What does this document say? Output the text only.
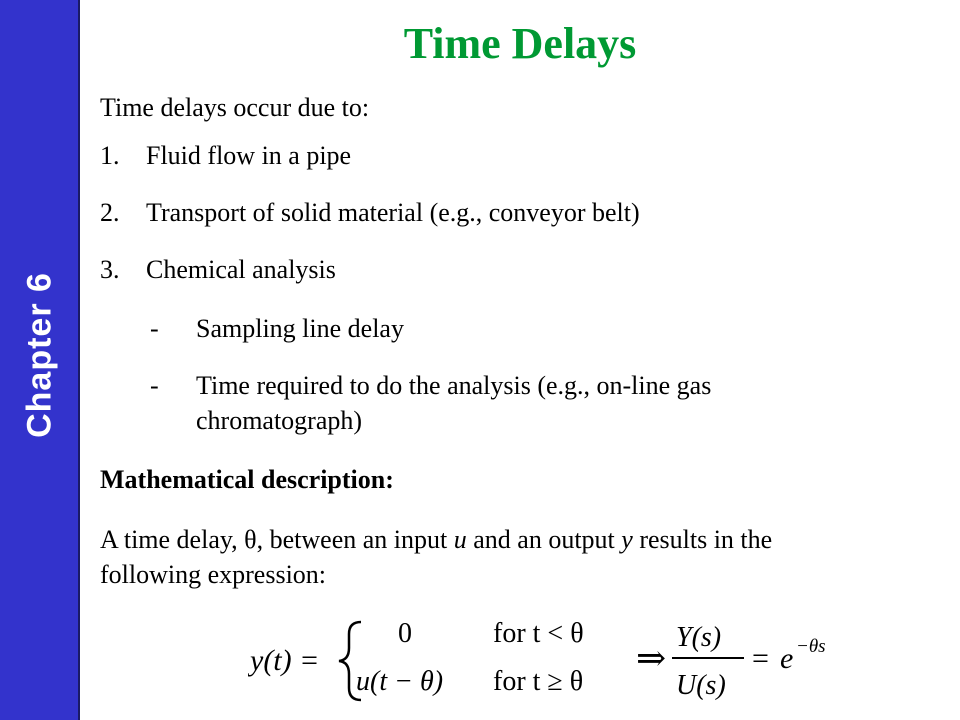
Chapter 6
Time Delays
Time delays occur due to:
1. Fluid flow in a pipe
2. Transport of solid material (e.g., conveyor belt)
3. Chemical analysis
- Sampling line delay
- Time required to do the analysis (e.g., on-line gas
chromatograph)
Mathematical description:
A time delay, θ, between an input u and an output y results in the
following expression:
y(t) =
0	for t < θ
u(t − θ) for t ≥ θ
⇒
Y(s)
U(s)
= e −θs
